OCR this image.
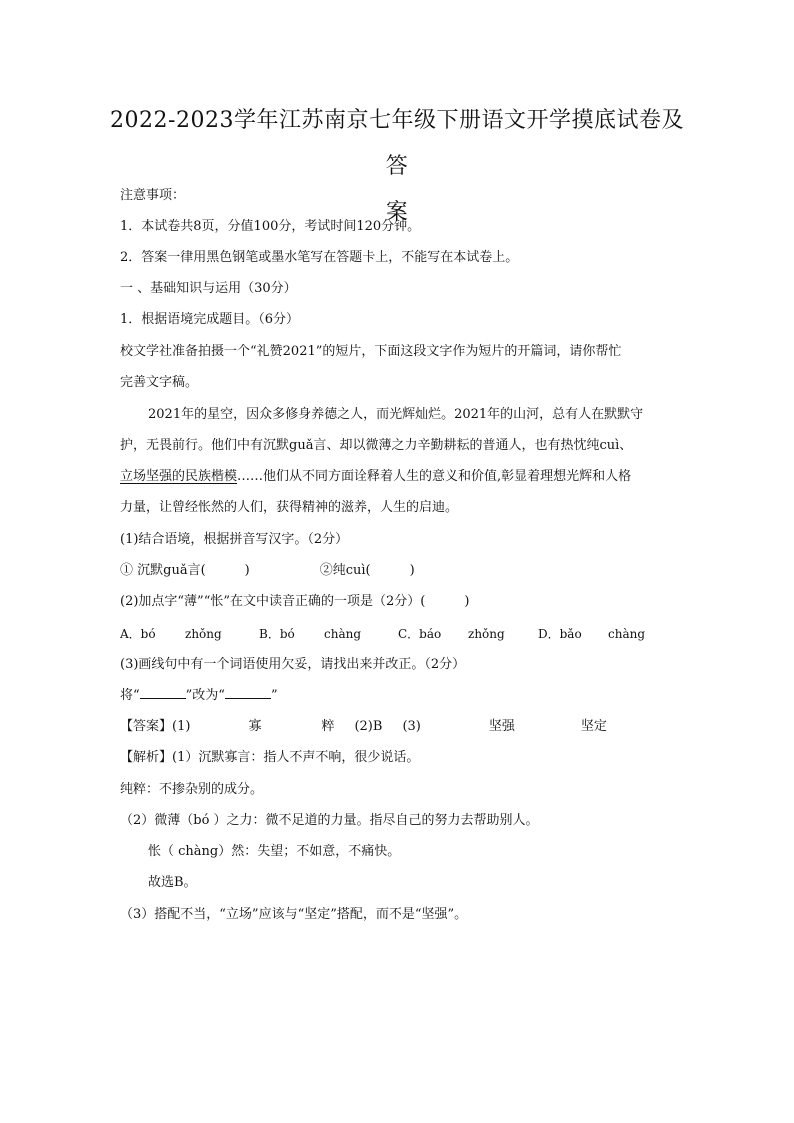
2022-2023学年江苏南京七年级下册语文开学摸底试卷及答
案
注意事项：
1．本试卷共8页，分值100分，考试时间120分钟。
2．答案一律用黑色钢笔或墨水笔写在答题卡上，不能写在本试卷上。
一 、基础知识与运用（30分）
1．根据语境完成题目。（6分）
校文学社准备拍摄一个“礼赞2021”的短片，下面这段文字作为短片的开篇词，请你帮忙
完善文字稿。
2021年的星空，因众多修身养德之人，而光辉灿烂。2021年的山河，总有人在默默守
护，无畏前行。他们中有沉默guǎ言、却以微薄之力辛勤耕耘的普通人，也有热忱纯cuì、
立场坚强的民族楷模……他们从不同方面诠释着人生的意义和价值,彰显着理想光辉和人格
力量，让曾经怅然的人们，获得精神的滋养，人生的启迪。
(1)结合语境，根据拼音写汉字。（2分）
① 沉默guǎ言(　　　)	②纯cuì(　　　)
(2)加点字“薄”“怅”在文中读音正确的一项是（2分）(　　　)
A．bó zhǒng	B．bó chàng	C．báo zhǒng	D．bǎo chàng
(3)画线句中有一个词语使用欠妥，请找出来并改正。（2分）
将“	”改为“	”
【答案】(1)	寡	粹 (2)B (3)	坚强	坚定
【解析】(1）沉默寡言：指人不声不响，很少说话。
纯粹：不掺杂别的成分。
（2）微薄（bó ）之力：微不足道的力量。指尽自己的努力去帮助别人。
怅（ chàng）然：失望；不如意，不痛快。
故选B。
（3）搭配不当，“立场”应该与“坚定”搭配，而不是“坚强”。
